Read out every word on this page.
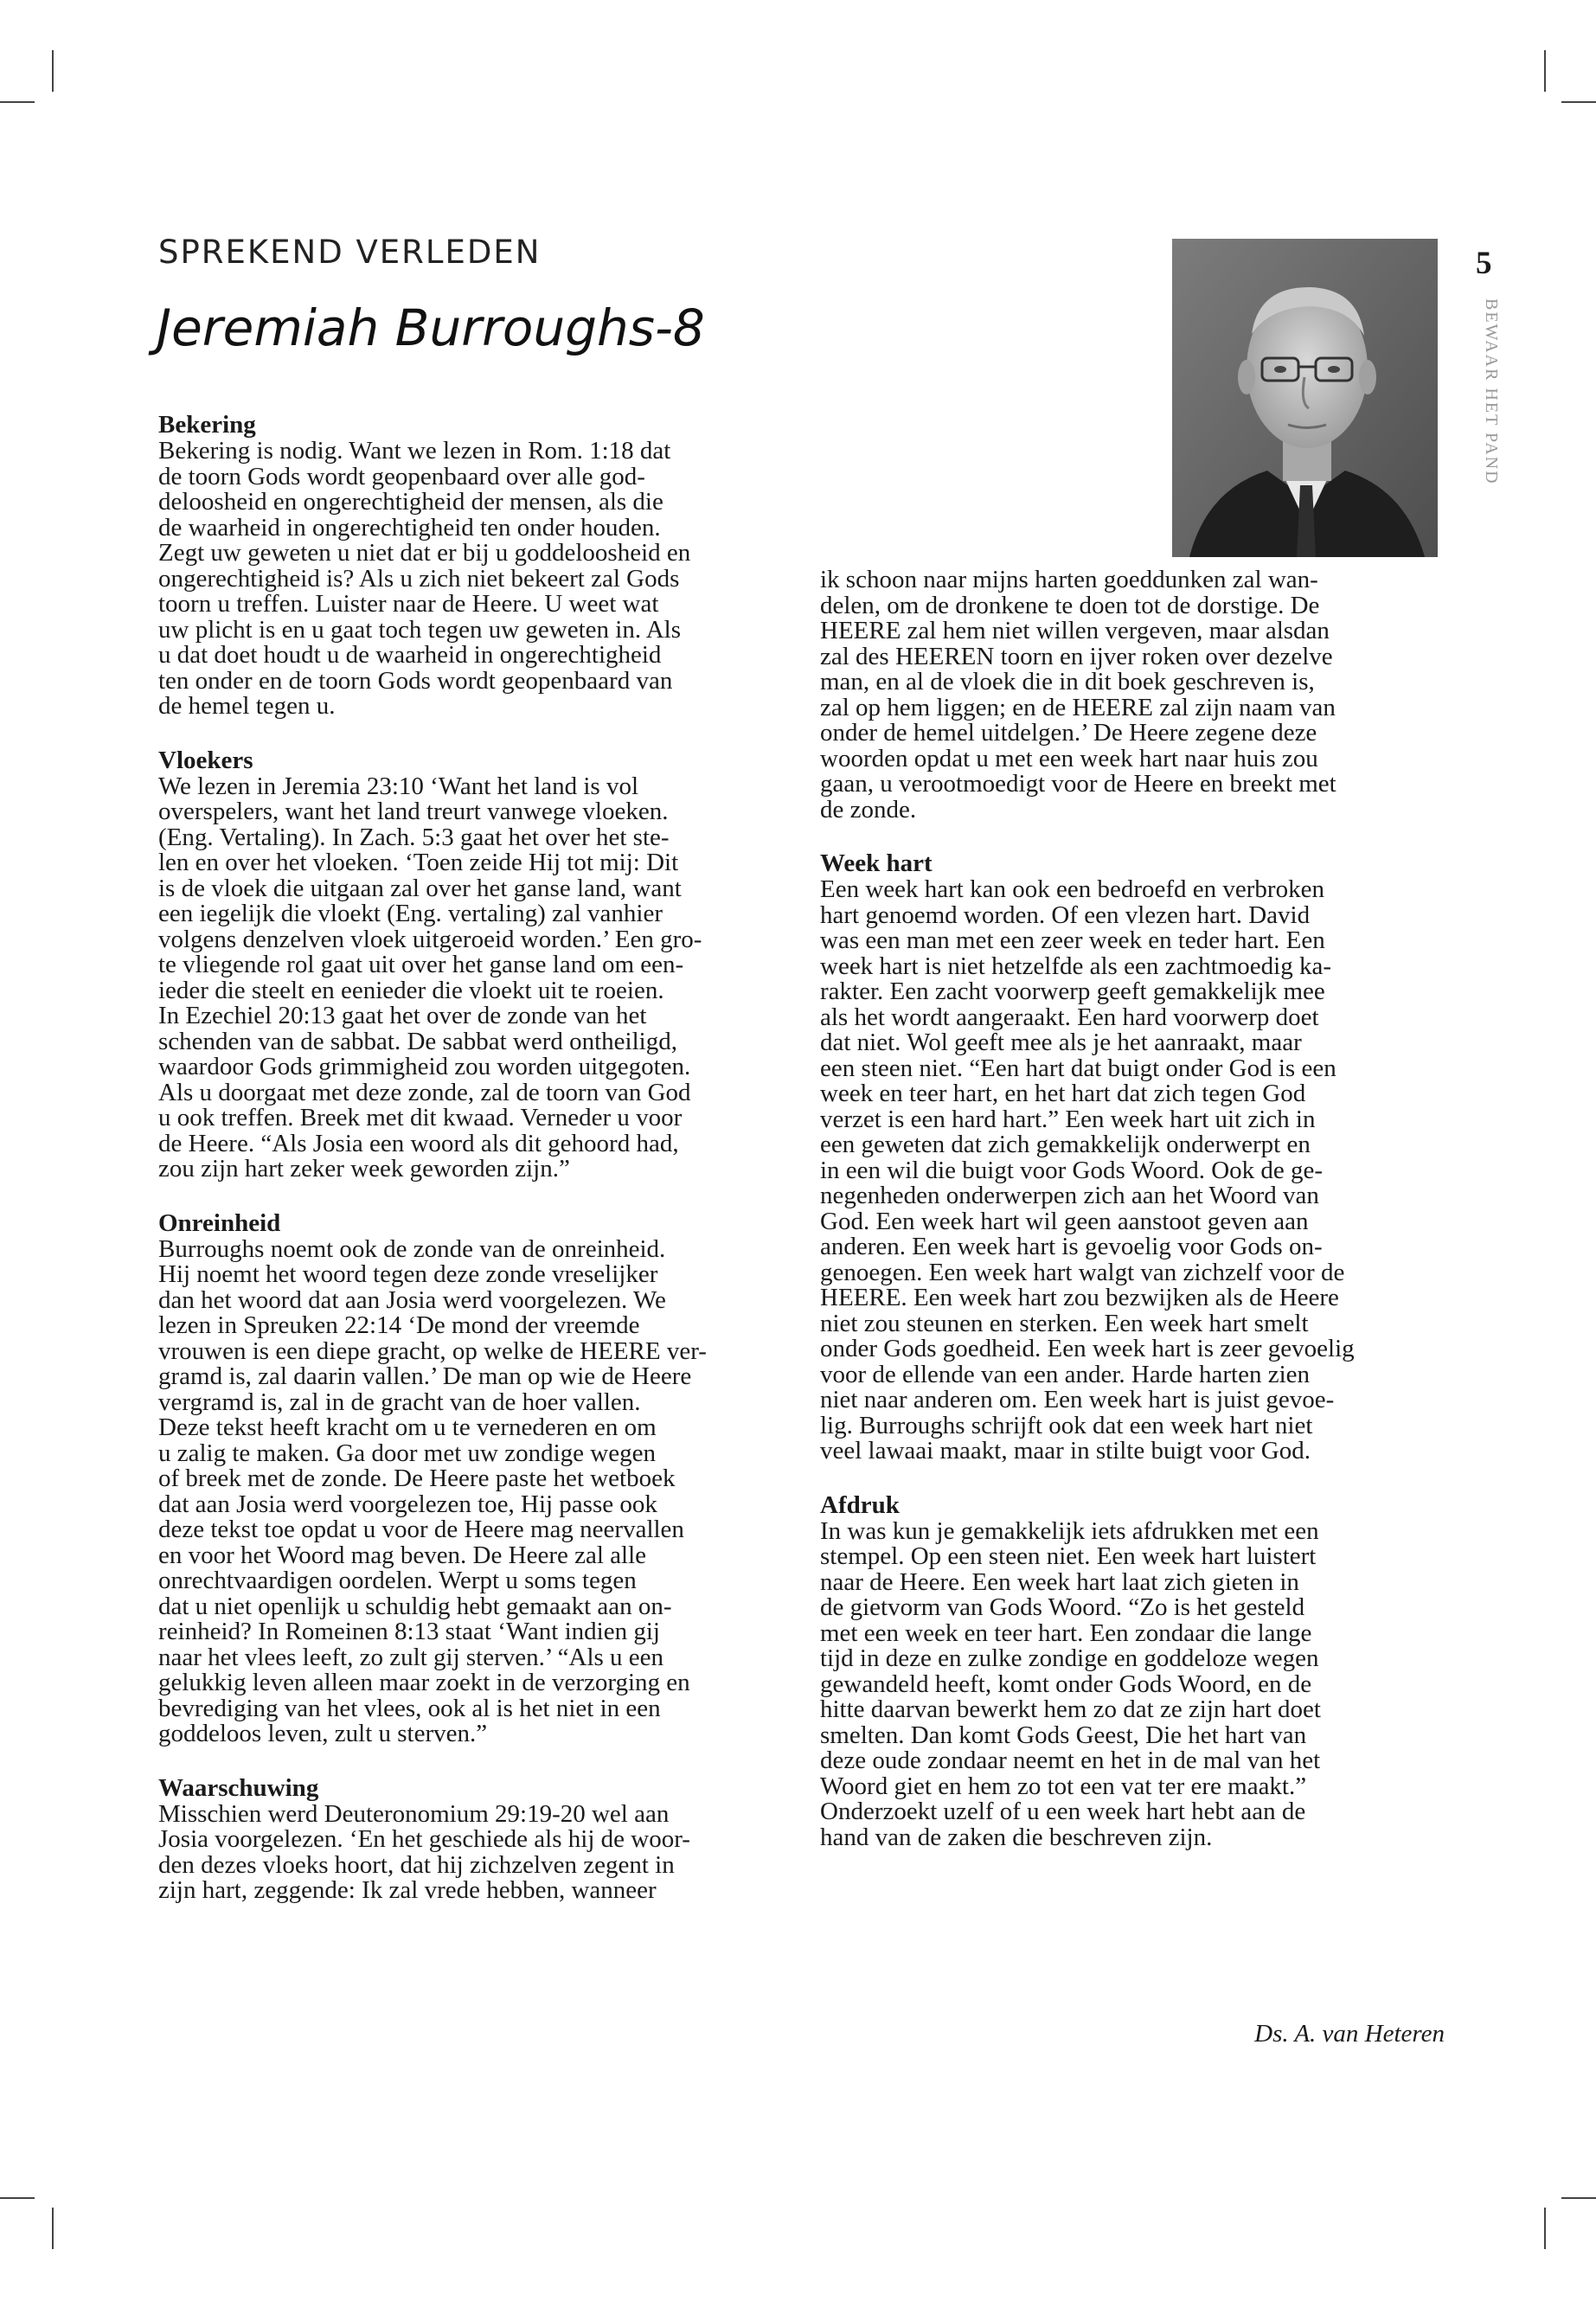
SPREKEND VERLEDEN
Jeremiah Burroughs-8
5
BEWAAR HET PAND
Bekering

Bekering is nodig. Want we lezen in Rom. 1:18 dat
de toorn Gods wordt geopenbaard over alle god-
deloosheid en ongerechtigheid der mensen, als die
de waarheid in ongerechtigheid ten onder houden.
Zegt uw geweten u niet dat er bij u goddeloosheid en
ongerechtigheid is? Als u zich niet bekeert zal Gods
toorn u treffen. Luister naar de Heere. U weet wat
uw plicht is en u gaat toch tegen uw geweten in. Als
u dat doet houdt u de waarheid in ongerechtigheid
ten onder en de toorn Gods wordt geopenbaard van
de hemel tegen u.

Vloekers

We lezen in Jeremia 23:10 ‘Want het land is vol
overspelers, want het land treurt vanwege vloeken.
(Eng. Vertaling). In Zach. 5:3 gaat het over het ste-
len en over het vloeken. ‘Toen zeide Hij tot mij: Dit
is de vloek die uitgaan zal over het ganse land, want
een iegelijk die vloekt (Eng. vertaling) zal vanhier
volgens denzelven vloek uitgeroeid worden.’ Een gro-
te vliegende rol gaat uit over het ganse land om een-
ieder die steelt en eenieder die vloekt uit te roeien.
In Ezechiel 20:13 gaat het over de zonde van het
schenden van de sabbat. De sabbat werd ontheiligd,
waardoor Gods grimmigheid zou worden uitgegoten.
Als u doorgaat met deze zonde, zal de toorn van God
u ook treffen. Breek met dit kwaad. Verneder u voor
de Heere. “Als Josia een woord als dit gehoord had,
zou zijn hart zeker week geworden zijn.”

Onreinheid

Burroughs noemt ook de zonde van de onreinheid.
Hij noemt het woord tegen deze zonde vreselijker
dan het woord dat aan Josia werd voorgelezen. We
lezen in Spreuken 22:14 ‘De mond der vreemde
vrouwen is een diepe gracht, op welke de HEERE ver-
gramd is, zal daarin vallen.’ De man op wie de Heere
vergramd is, zal in de gracht van de hoer vallen.
Deze tekst heeft kracht om u te vernederen en om
u zalig te maken. Ga door met uw zondige wegen
of breek met de zonde. De Heere paste het wetboek
dat aan Josia werd voorgelezen toe, Hij passe ook
deze tekst toe opdat u voor de Heere mag neervallen
en voor het Woord mag beven. De Heere zal alle
onrechtvaardigen oordelen. Werpt u soms tegen
dat u niet openlijk u schuldig hebt gemaakt aan on-
reinheid? In Romeinen 8:13 staat ‘Want indien gij
naar het vlees leeft, zo zult gij sterven.’ “Als u een
gelukkig leven alleen maar zoekt in de verzorging en
bevrediging van het vlees, ook al is het niet in een
goddeloos leven, zult u sterven.”

Waarschuwing

Misschien werd Deuteronomium 29:19-20 wel aan
Josia voorgelezen. ‘En het geschiede als hij de woor-
den dezes vloeks hoort, dat hij zichzelven zegent in
zijn hart, zeggende: Ik zal vrede hebben, wanneer

ik schoon naar mijns harten goeddunken zal wan-
delen, om de dronkene te doen tot de dorstige. De
HEERE zal hem niet willen vergeven, maar alsdan
zal des HEEREN toorn en ijver roken over dezelve
man, en al de vloek die in dit boek geschreven is,
zal op hem liggen; en de HEERE zal zijn naam van
onder de hemel uitdelgen.’ De Heere zegene deze
woorden opdat u met een week hart naar huis zou
gaan, u verootmoedigt voor de Heere en breekt met
de zonde.

Week hart

Een week hart kan ook een bedroefd en verbroken
hart genoemd worden. Of een vlezen hart. David
was een man met een zeer week en teder hart. Een
week hart is niet hetzelfde als een zachtmoedig ka-
rakter. Een zacht voorwerp geeft gemakkelijk mee
als het wordt aangeraakt. Een hard voorwerp doet
dat niet. Wol geeft mee als je het aanraakt, maar
een steen niet. “Een hart dat buigt onder God is een
week en teer hart, en het hart dat zich tegen God
verzet is een hard hart.” Een week hart uit zich in
een geweten dat zich gemakkelijk onderwerpt en
in een wil die buigt voor Gods Woord. Ook de ge-
negenheden onderwerpen zich aan het Woord van
God. Een week hart wil geen aanstoot geven aan
anderen. Een week hart is gevoelig voor Gods on-
genoegen. Een week hart walgt van zichzelf voor de
HEERE. Een week hart zou bezwijken als de Heere
niet zou steunen en sterken. Een week hart smelt
onder Gods goedheid. Een week hart is zeer gevoelig
voor de ellende van een ander. Harde harten zien
niet naar anderen om. Een week hart is juist gevoe-
lig. Burroughs schrijft ook dat een week hart niet
veel lawaai maakt, maar in stilte buigt voor God.

Afdruk

In was kun je gemakkelijk iets afdrukken met een
stempel. Op een steen niet. Een week hart luistert
naar de Heere. Een week hart laat zich gieten in
de gietvorm van Gods Woord. “Zo is het gesteld
met een week en teer hart. Een zondaar die lange
tijd in deze en zulke zondige en goddeloze wegen
gewandeld heeft, komt onder Gods Woord, en de
hitte daarvan bewerkt hem zo dat ze zijn hart doet
smelten. Dan komt Gods Geest, Die het hart van
deze oude zondaar neemt en het in de mal van het
Woord giet en hem zo tot een vat ter ere maakt.”
Onderzoekt uzelf of u een week hart hebt aan de
hand van de zaken die beschreven zijn.

Ds. A. van Heteren
